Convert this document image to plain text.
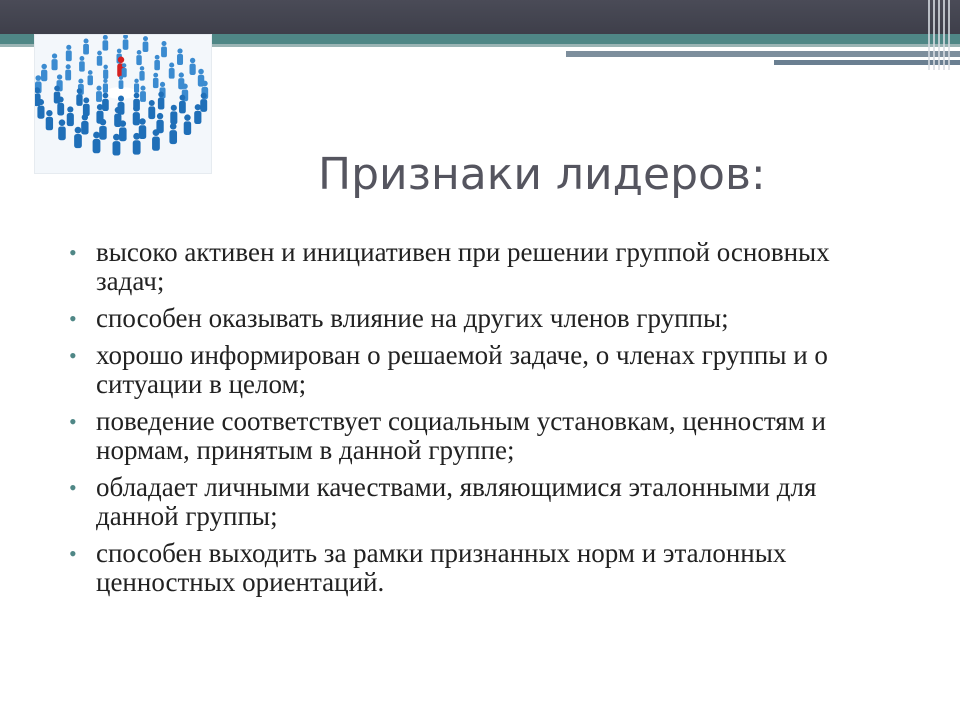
Признаки лидеров:
• высоко активен и инициативен при решении группой основных задач;
• способен оказывать влияние на других членов группы;
• хорошо информирован о решаемой задаче, о членах группы и о ситуации в целом;
• поведение соответствует социальным установкам, ценностям и нормам, принятым в данной группе;
• обладает личными качествами, являющимися эталонными для данной группы;
• способен выходить за рамки признанных норм и эталонных ценностных ориентаций.
